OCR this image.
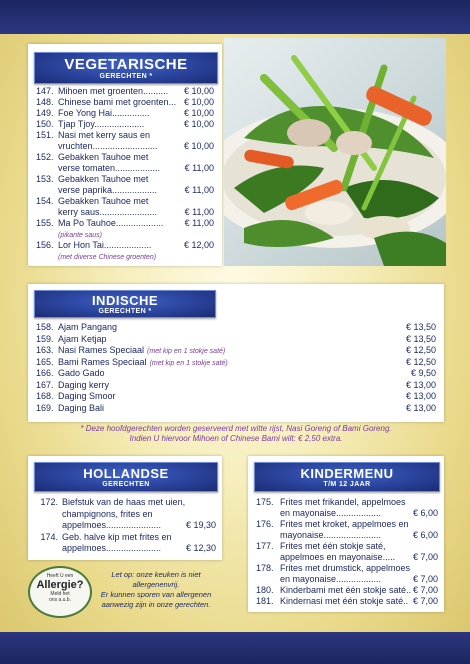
VEGETARISCHE
GERECHTEN *
147. Mihoen met groenten.......... € 10,00
148. Chinese bami met groenten... € 10,00
149. Foe Yong Hai...............	€ 10,00
150. Tjap Tjoy....................	€ 10,00
151. Nasi met kerry saus en
vruchten..........................	€ 10,00
152. Gebakken Tauhoe met
verse tomaten..................	€ 11,00
153. Gebakken Tauhoe met
verse paprika..................	€ 11,00
154. Gebakken Tauhoe met
kerry saus.......................	€ 11,00
155. Ma Po Tauhoe................... € 11,00
(pikante saus)
156. Lor Hon Tai...................	€ 12,00
(met diverse Chinese groenten)
INDISCHE
GERECHTEN *
158. Ajam Pangang	€ 13,50
159. Ajam Ketjap	€ 13,50
163. Nasi Rames Speciaal (met kip en 1 stokje saté)	€ 12,50
165. Bami Rames Speciaal (met kip en 1 stokje saté)	€ 12,50
166. Gado Gado	€ 9,50
167. Daging kerry	€ 13,00
168. Daging Smoor	€ 13,00
169. Daging Bali	€ 13,00
* Deze hoofdgerechten worden geserveerd met witte rijst, Nasi Goreng of Bami Goreng.
Indien U hiervoor Mihoen of Chinese Bami wilt: € 2,50 extra.
HOLLANDSE
GERECHTEN
172. Biefstuk van de haas met uien,
champignons, frites en
appelmoes......................	€ 19,30
174. Geb. halve kip met frites en
appelmoes......................	€ 12,30
KINDERMENU
T/M 12 JAAR
175. Frites met frikandel, appelmoes
en mayonaise..................	€ 6,00
176. Frites met kroket, appelmoes en
mayonaise.......................	€ 6,00
177. Frites met één stokje saté,
appelmoes en mayonaise..... € 7,00
178. Frites met drumstick, appelmoes
en mayonaise..................	€ 7,00
180. Kinderbami met één stokje saté.. € 7,00
181. Kindernasi met één stokje saté.. € 7,00
Heeft U een
Allergie?
Meld het
ons a.u.b.
Let op: onze keuken is niet
allergenenvrij.
Er kunnen sporen van allergenen
aanwezig zijn in onze gerechten.
